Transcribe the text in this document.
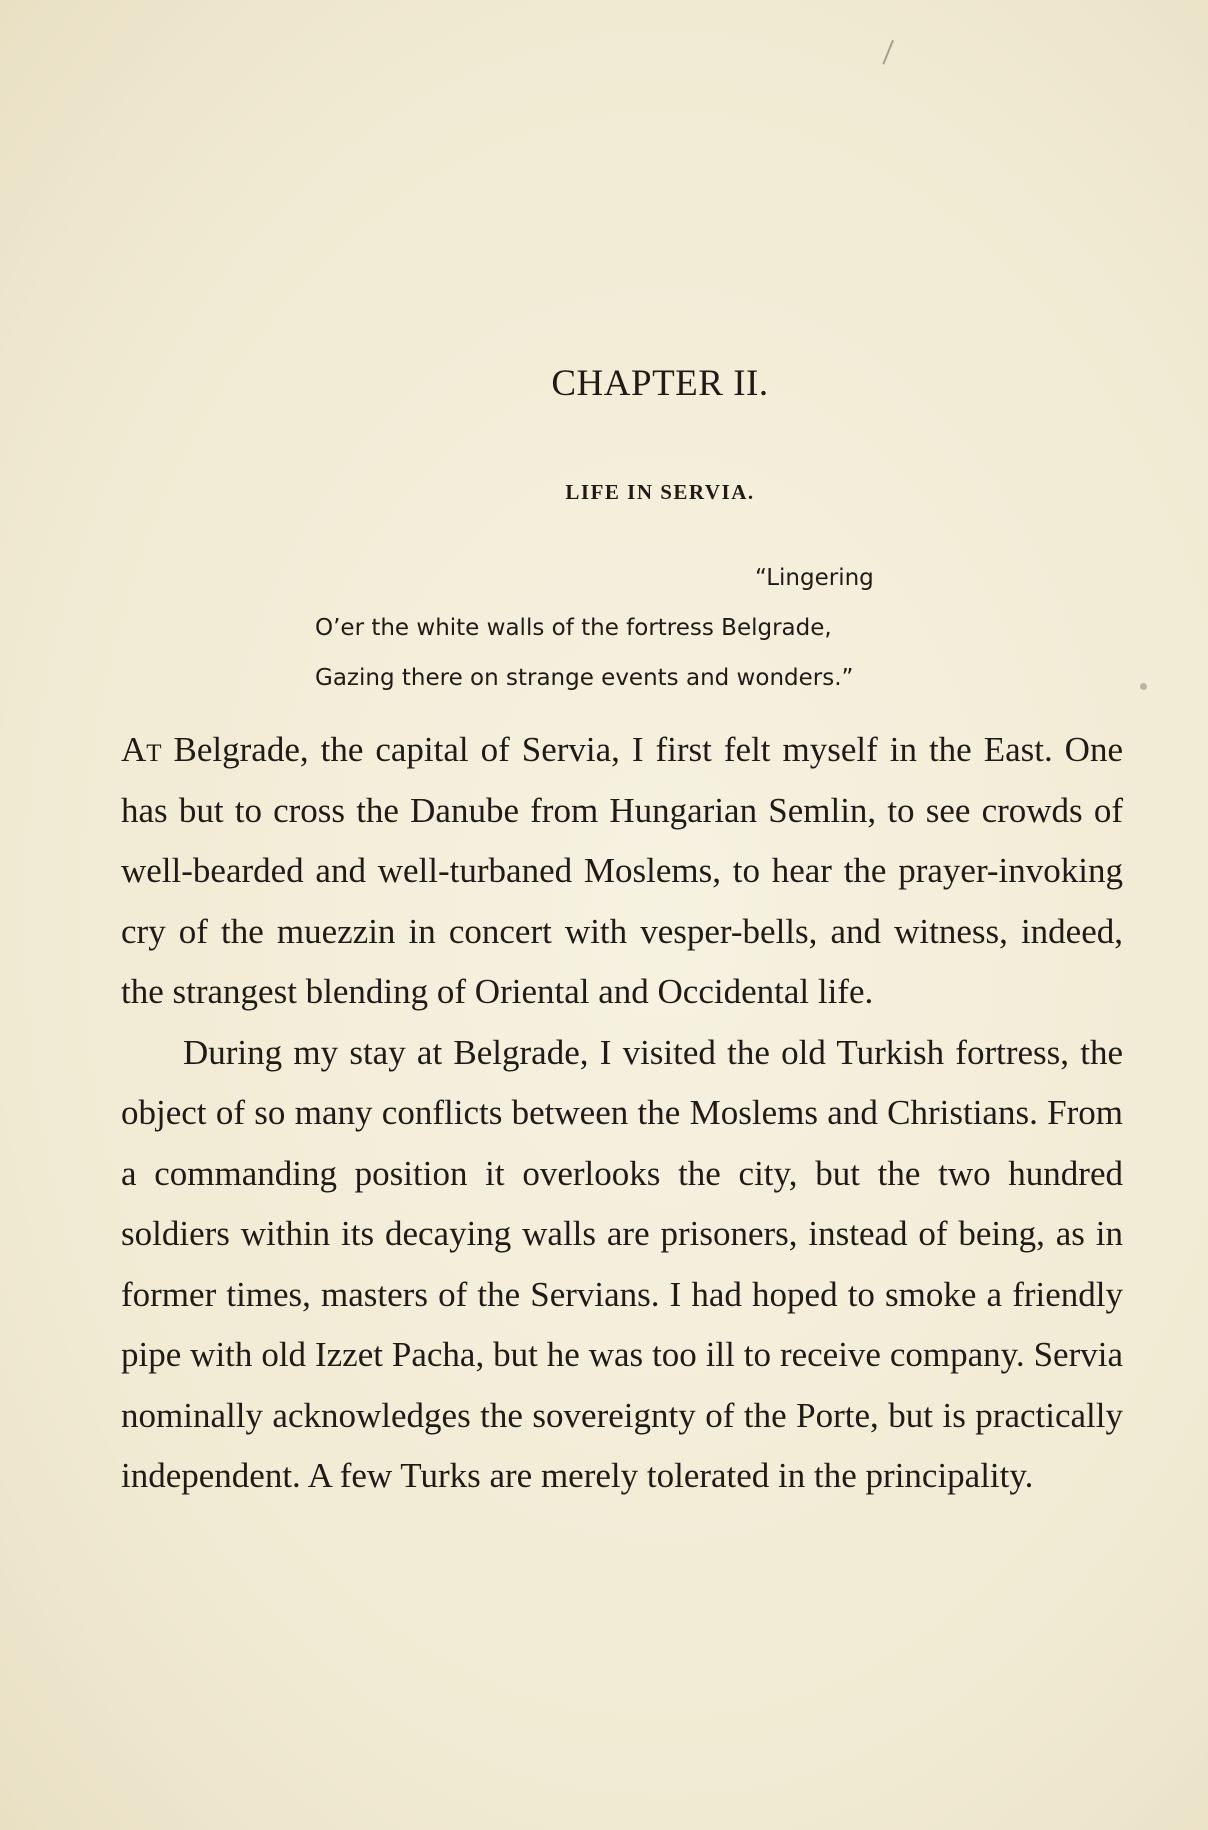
CHAPTER II.
LIFE IN SERVIA.
“Lingering
O’er the white walls of the fortress Belgrade,
Gazing there on strange events and wonders.”

At Belgrade, the capital of Servia, I first felt myself in the East. One has but to cross the Danube from Hungarian Semlin, to see crowds of well-bearded and well-turbaned Moslems, to hear the prayer-invoking cry of the muezzin in concert with vesper-bells, and witness, indeed, the strangest blending of Oriental and Occidental life.

During my stay at Belgrade, I visited the old Turkish fortress, the object of so many conflicts between the Moslems and Christians. From a commanding position it overlooks the city, but the two hundred soldiers within its decaying walls are prisoners, instead of being, as in former times, masters of the Servians. I had hoped to smoke a friendly pipe with old Izzet Pacha, but he was too ill to receive company. Servia nominally acknowledges the sovereignty of the Porte, but is practically independent. A few Turks are merely tolerated in the principality.
